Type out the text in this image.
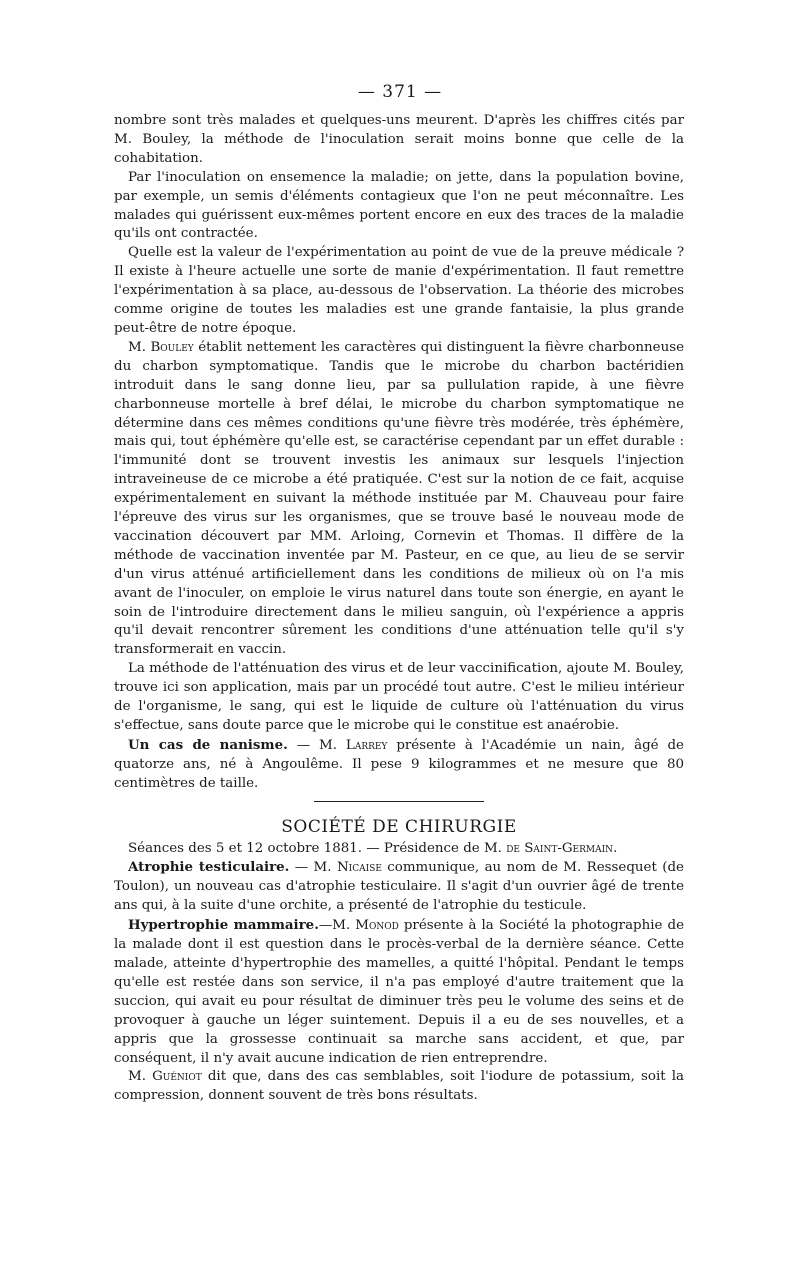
— 371 —

nombre sont très malades et quelques-uns meurent. D'après les chiffres cités par M. Bouley, la méthode de l'inoculation serait moins bonne que celle de la cohabitation.

Par l'inoculation on ensemence la maladie; on jette, dans la population bovine, par exemple, un semis d'éléments contagieux que l'on ne peut méconnaître. Les malades qui guérissent eux-mêmes portent encore en eux des traces de la maladie qu'ils ont contractée.

Quelle est la valeur de l'expérimentation au point de vue de la preuve médicale ? Il existe à l'heure actuelle une sorte de manie d'expérimentation. Il faut remettre l'expérimentation à sa place, au-dessous de l'observation. La théorie des microbes comme origine de toutes les maladies est une grande fantaisie, la plus grande peut-être de notre époque.

M. Bouley établit nettement les caractères qui distinguent la fièvre charbonneuse du charbon symptomatique. Tandis que le microbe du charbon bactéridien introduit dans le sang donne lieu, par sa pullulation rapide, à une fièvre charbonneuse mortelle à bref délai, le microbe du charbon symptomatique ne détermine dans ces mêmes conditions qu'une fièvre très modérée, très éphémère, mais qui, tout éphémère qu'elle est, se caractérise cependant par un effet durable : l'immunité dont se trouvent investis les animaux sur lesquels l'injection intraveineuse de ce microbe a été pratiquée. C'est sur la notion de ce fait, acquise expérimentalement en suivant la méthode instituée par M. Chauveau pour faire l'épreuve des virus sur les organismes, que se trouve basé le nouveau mode de vaccination découvert par MM. Arloing, Cornevin et Thomas. Il diffère de la méthode de vaccination inventée par M. Pasteur, en ce que, au lieu de se servir d'un virus atténué artificiellement dans les conditions de milieux où on l'a mis avant de l'inoculer, on emploie le virus naturel dans toute son énergie, en ayant le soin de l'introduire directement dans le milieu sanguin, où l'expérience a appris qu'il devait rencontrer sûrement les conditions d'une atténuation telle qu'il s'y transformerait en vaccin.

La méthode de l'atténuation des virus et de leur vaccinification, ajoute M. Bouley, trouve ici son application, mais par un procédé tout autre. C'est le milieu intérieur de l'organisme, le sang, qui est le liquide de culture où l'atténuation du virus s'effectue, sans doute parce que le microbe qui le constitue est anaérobie.

Un cas de nanisme. — M. Larrey présente à l'Académie un nain, âgé de quatorze ans, né à Angoulême. Il pese 9 kilogrammes et ne mesure que 80 centimètres de taille.

SOCIÉTÉ DE CHIRURGIE

Séances des 5 et 12 octobre 1881. — Présidence de M. de Saint-Germain.

Atrophie testiculaire. — M. Nicaise communique, au nom de M. Ressequet (de Toulon), un nouveau cas d'atrophie testiculaire. Il s'agit d'un ouvrier âgé de trente ans qui, à la suite d'une orchite, a présenté de l'atrophie du testicule.

Hypertrophie mammaire.—M. Monod présente à la Société la photographie de la malade dont il est question dans le procès-verbal de la dernière séance. Cette malade, atteinte d'hypertrophie des mamelles, a quitté l'hôpital. Pendant le temps qu'elle est restée dans son service, il n'a pas employé d'autre traitement que la succion, qui avait eu pour résultat de diminuer très peu le volume des seins et de provoquer à gauche un léger suintement. Depuis il a eu de ses nouvelles, et a appris que la grossesse continuait sa marche sans accident, et que, par conséquent, il n'y avait aucune indication de rien entreprendre.

M. Guéniot dit que, dans des cas semblables, soit l'iodure de potassium, soit la compression, donnent souvent de très bons résultats.
